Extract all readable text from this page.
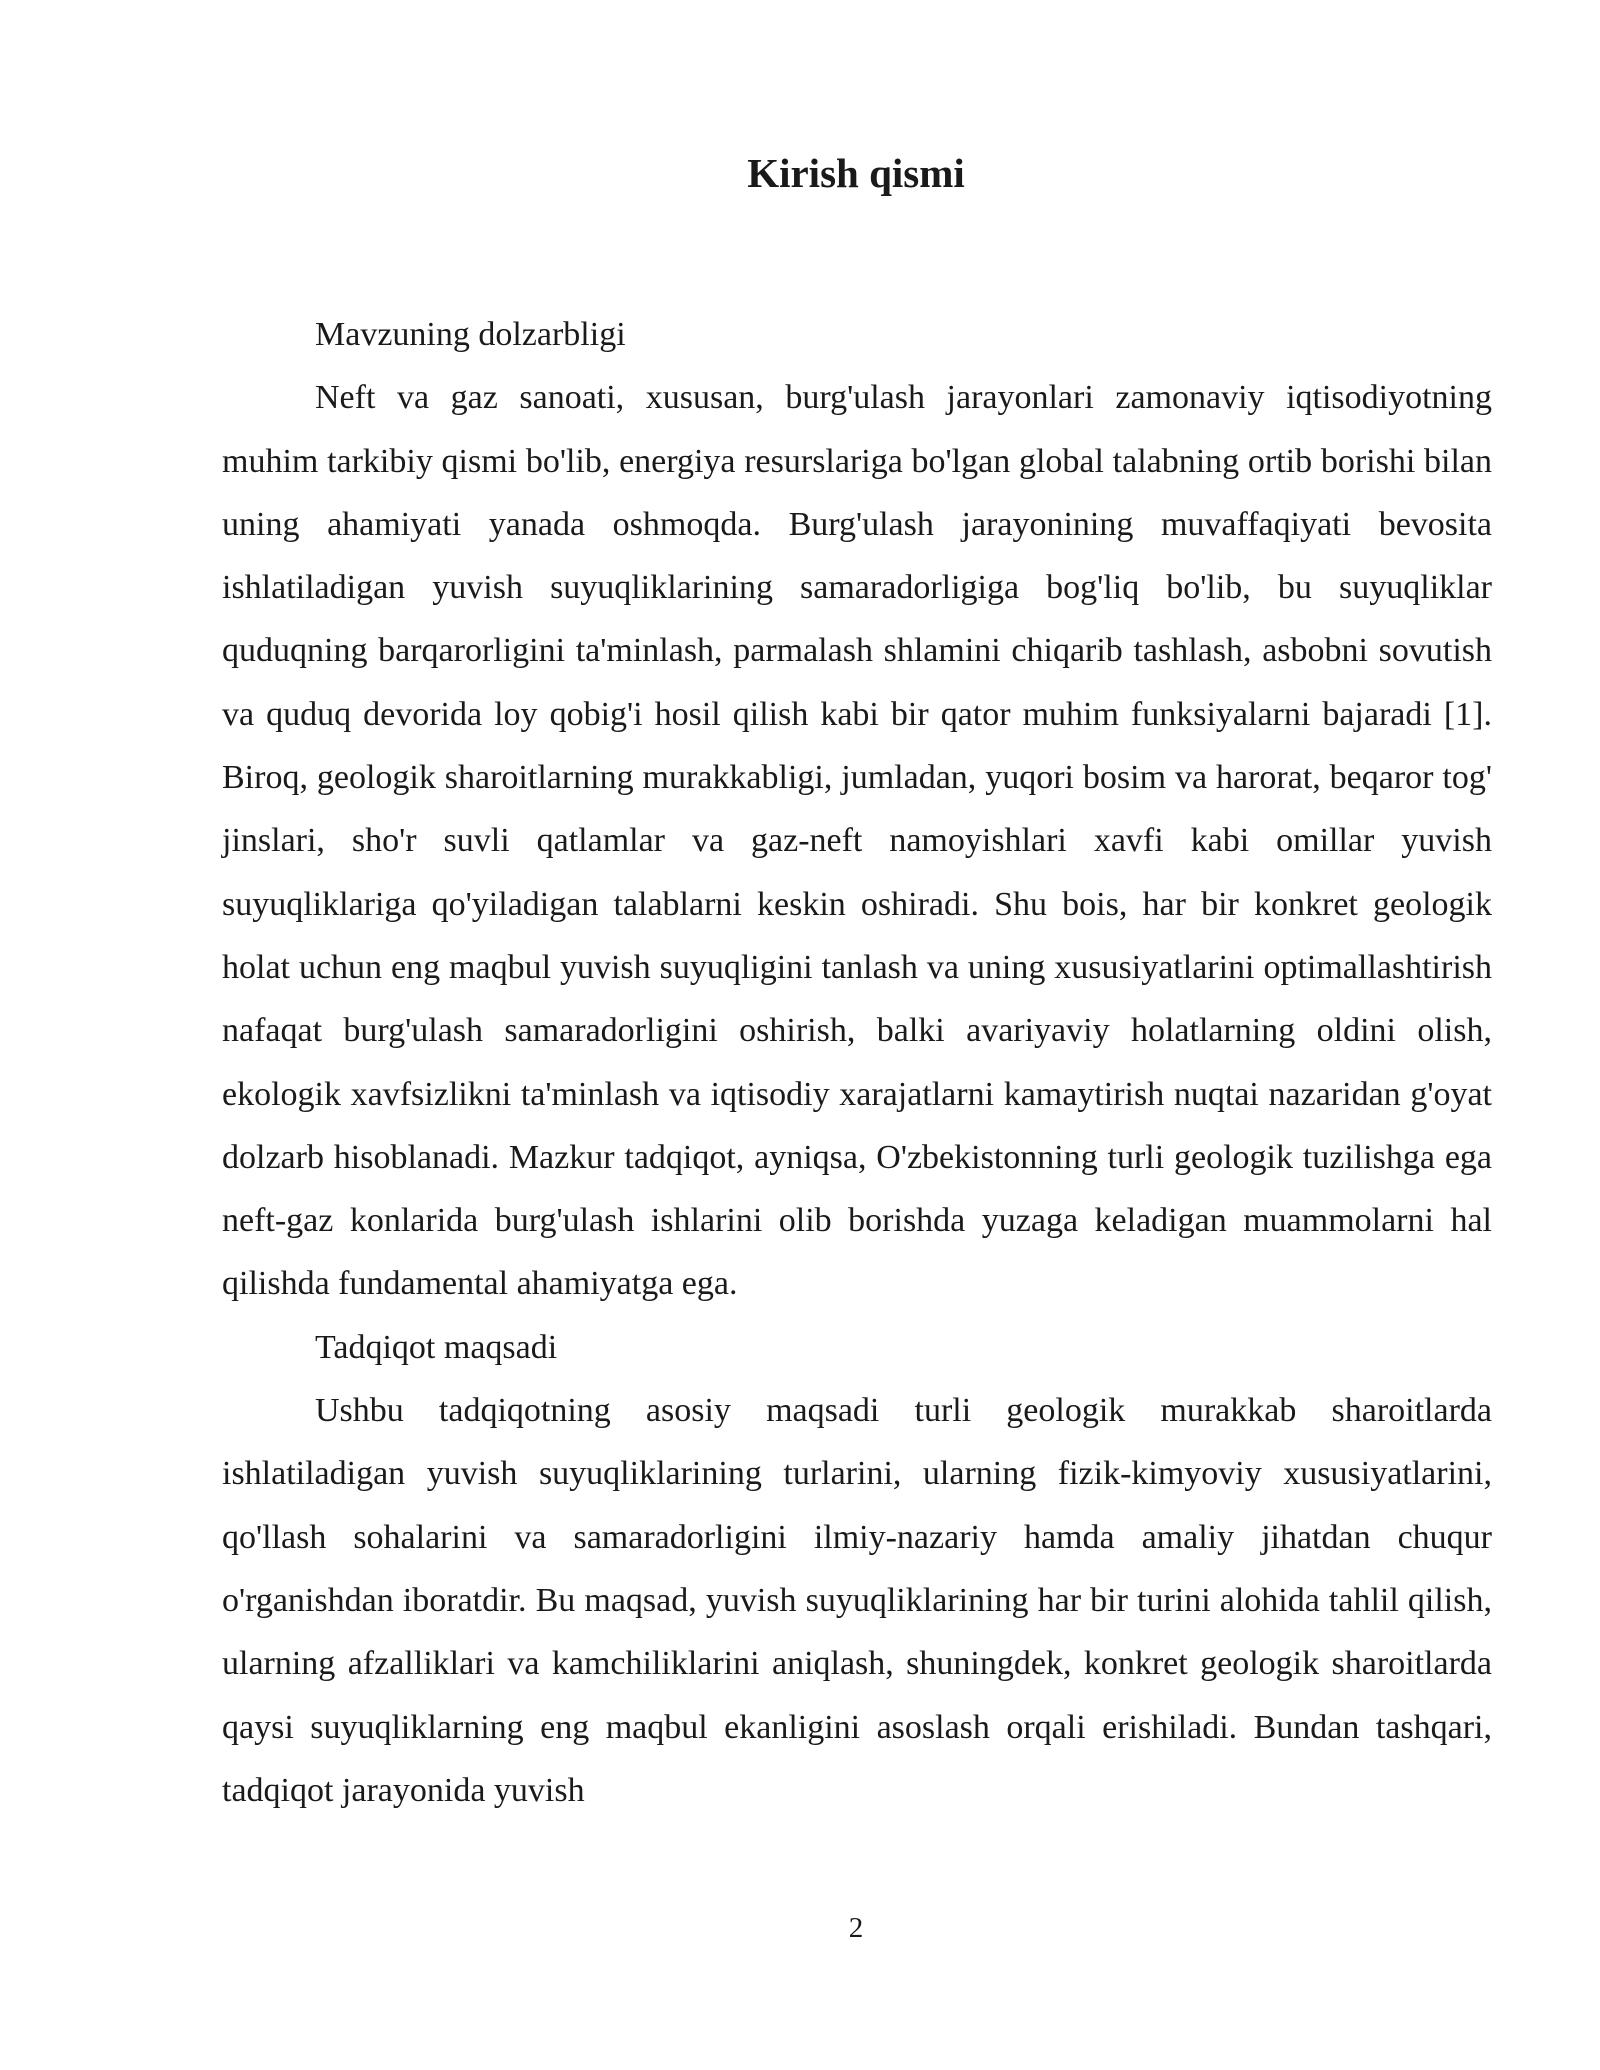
Kirish qismi

Mavzuning dolzarbligi

Neft va gaz sanoati, xususan, burg'ulash jarayonlari zamonaviy iqtisodiyotning muhim tarkibiy qismi bo'lib, energiya resurslariga bo'lgan global talabning ortib borishi bilan uning ahamiyati yanada oshmoqda. Burg'ulash jarayonining muvaffaqiyati bevosita ishlatiladigan yuvish suyuqliklarining samaradorligiga bog'liq bo'lib, bu suyuqliklar quduqning barqarorligini ta'minlash, parmalash shlamini chiqarib tashlash, asbobni sovutish va quduq devorida loy qobig'i hosil qilish kabi bir qator muhim funksiyalarni bajaradi [1]. Biroq, geologik sharoitlarning murakkabligi, jumladan, yuqori bosim va harorat, beqaror tog' jinslari, sho'r suvli qatlamlar va gaz-neft namoyishlari xavfi kabi omillar yuvish suyuqliklariga qo'yiladigan talablarni keskin oshiradi. Shu bois, har bir konkret geologik holat uchun eng maqbul yuvish suyuqligini tanlash va uning xususiyatlarini optimallashtirish nafaqat burg'ulash samaradorligini oshirish, balki avariyaviy holatlarning oldini olish, ekologik xavfsizlikni ta'minlash va iqtisodiy xarajatlarni kamaytirish nuqtai nazaridan g'oyat dolzarb hisoblanadi. Mazkur tadqiqot, ayniqsa, O'zbekistonning turli geologik tuzilishga ega neft-gaz konlarida burg'ulash ishlarini olib borishda yuzaga keladigan muammolarni hal qilishda fundamental ahamiyatga ega.

Tadqiqot maqsadi

Ushbu tadqiqotning asosiy maqsadi turli geologik murakkab sharoitlarda ishlatiladigan yuvish suyuqliklarining turlarini, ularning fizik-kimyoviy xususiyatlarini, qo'llash sohalarini va samaradorligini ilmiy-nazariy hamda amaliy jihatdan chuqur o'rganishdan iboratdir. Bu maqsad, yuvish suyuqliklarining har bir turini alohida tahlil qilish, ularning afzalliklari va kamchiliklarini aniqlash, shuningdek, konkret geologik sharoitlarda qaysi suyuqliklarning eng maqbul ekanligini asoslash orqali erishiladi. Bundan tashqari, tadqiqot jarayonida yuvish

2
